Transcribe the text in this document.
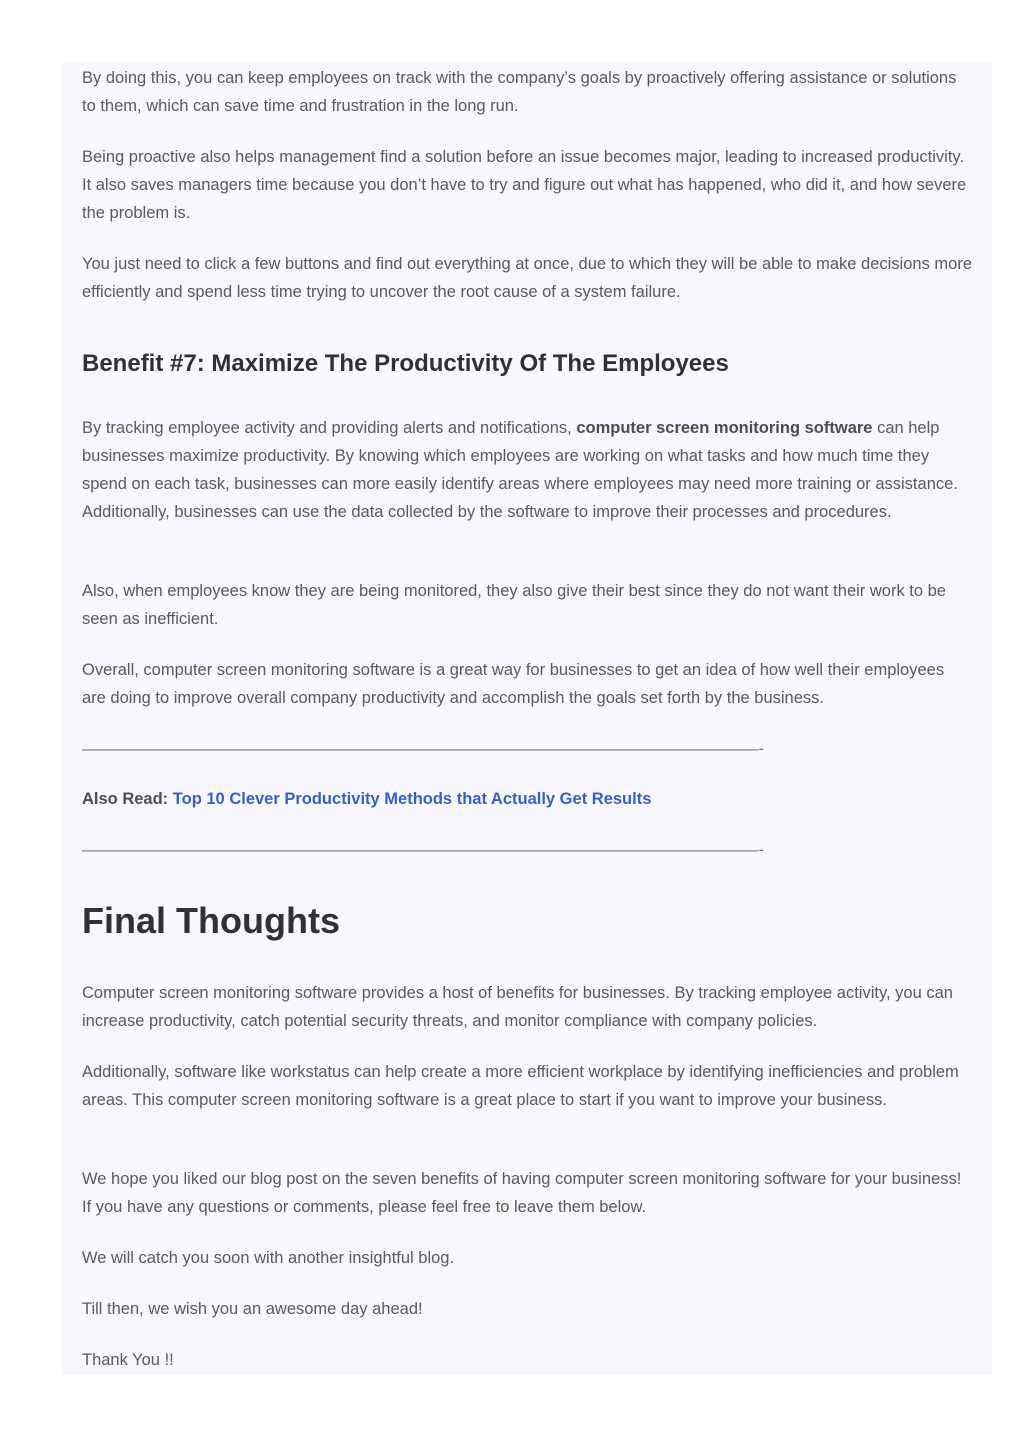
By doing this, you can keep employees on track with the company’s goals by proactively offering assistance or solutions to them, which can save time and frustration in the long run.

Being proactive also helps management find a solution before an issue becomes major, leading to increased productivity. It also saves managers time because you don’t have to try and figure out what has happened, who did it, and how severe the problem is.

You just need to click a few buttons and find out everything at once, due to which they will be able to make decisions more efficiently and spend less time trying to uncover the root cause of a system failure.

Benefit #7: Maximize The Productivity Of The Employees

By tracking employee activity and providing alerts and notifications, computer screen monitoring software can help businesses maximize productivity. By knowing which employees are working on what tasks and how much time they spend on each task, businesses can more easily identify areas where employees may need more training or assistance. Additionally, businesses can use the data collected by the software to improve their processes and procedures.

Also, when employees know they are being monitored, they also give their best since they do not want their work to be seen as inefficient.

Overall, computer screen monitoring software is a great way for businesses to get an idea of how well their employees are doing to improve overall company productivity and accomplish the goals set forth by the business.

—————————————————————————————————————————-

Also Read: Top 10 Clever Productivity Methods that Actually Get Results

—————————————————————————————————————————-

Final Thoughts

Computer screen monitoring software provides a host of benefits for businesses. By tracking employee activity, you can increase productivity, catch potential security threats, and monitor compliance with company policies.

Additionally, software like workstatus can help create a more efficient workplace by identifying inefficiencies and problem areas. This computer screen monitoring software is a great place to start if you want to improve your business.

We hope you liked our blog post on the seven benefits of having computer screen monitoring software for your business! If you have any questions or comments, please feel free to leave them below.

We will catch you soon with another insightful blog.

Till then, we wish you an awesome day ahead!

Thank You !!
